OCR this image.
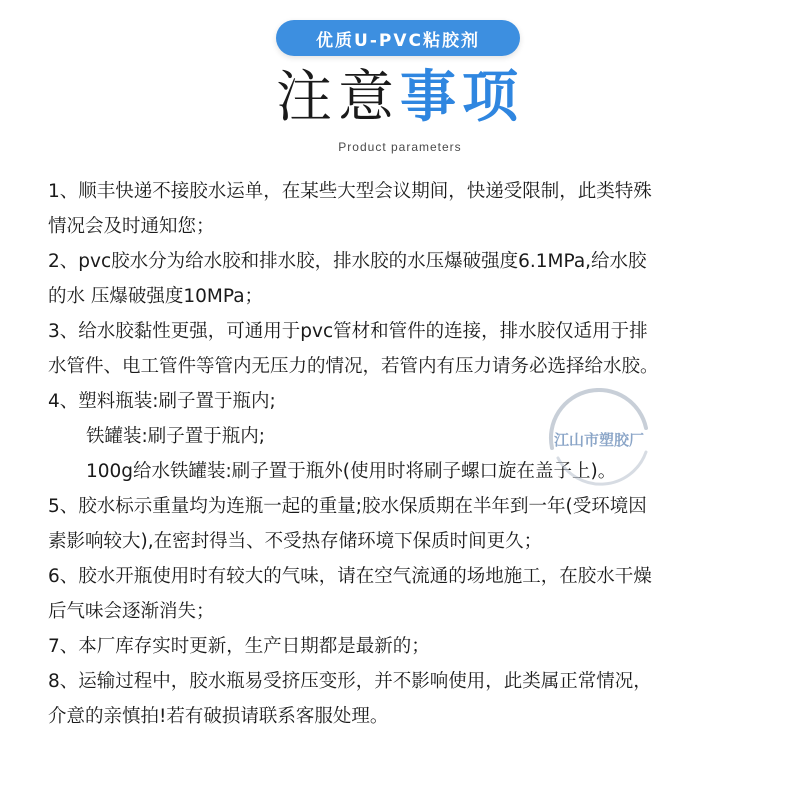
优质U-PVC粘胶剂
注意事项
Product parameters
1、顺丰快递不接胶水运单，在某些大型会议期间，快递受限制，此类特殊
情况会及时通知您；
2、pvc胶水分为给水胶和排水胶，排水胶的水压爆破强度6.1MPa,给水胶
的水 压爆破强度10MPa；
3、给水胶黏性更强，可通用于pvc管材和管件的连接，排水胶仅适用于排
水管件、电工管件等管内无压力的情况，若管内有压力请务必选择给水胶。
4、塑料瓶装:刷子置于瓶内;
铁罐装:刷子置于瓶内;
100g给水铁罐装:刷子置于瓶外(使用时将刷子螺口旋在盖子上)。
5、胶水标示重量均为连瓶一起的重量;胶水保质期在半年到一年(受环境因
素影响较大),在密封得当、不受热存储环境下保质时间更久；
6、胶水开瓶使用时有较大的气味，请在空气流通的场地施工，在胶水干燥
后气味会逐渐消失；
7、本厂库存实时更新，生产日期都是最新的；
8、运输过程中，胶水瓶易受挤压变形，并不影响使用，此类属正常情况，
介意的亲慎拍!若有破损请联系客服处理。
江山市塑胶厂
